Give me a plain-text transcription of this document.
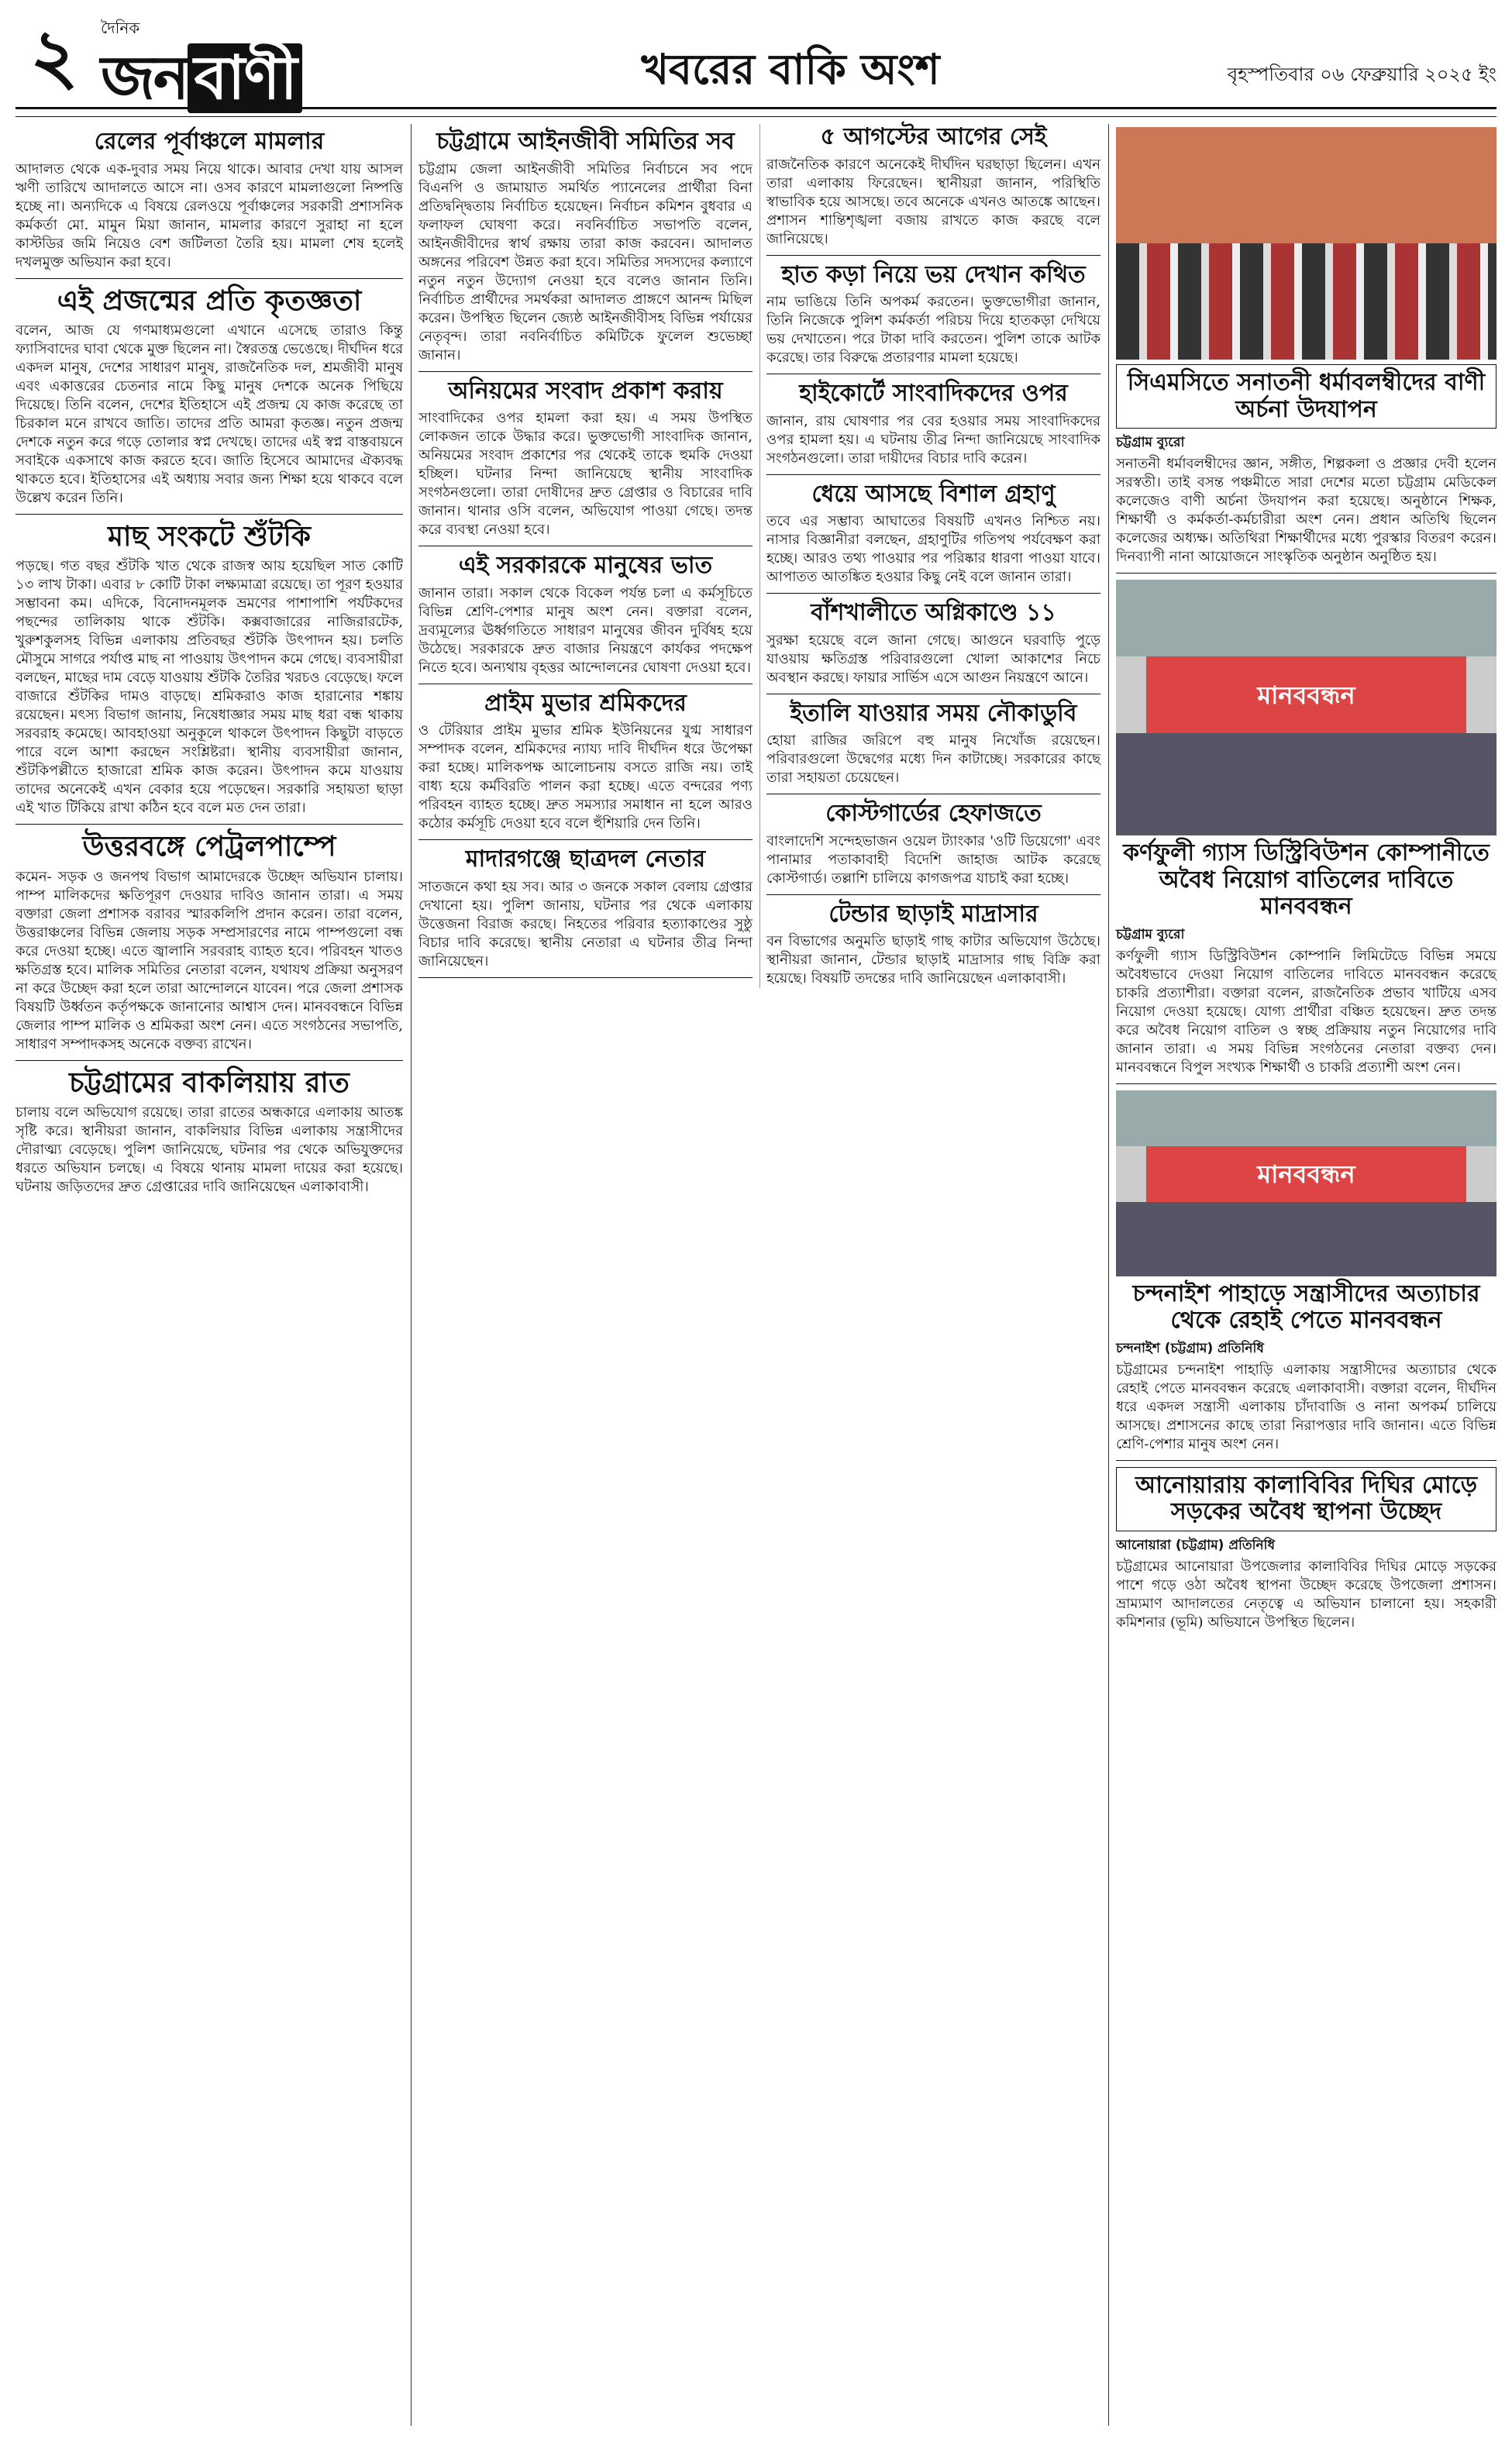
২	দৈনিক
জন বাণী	খবরের বাকি অংশ	বৃহস্পতিবার ০৬ ফেব্রুয়ারি ২০২৫ ইং
রেলের পূর্বাঞ্চলে মামলার

আদালত থেকে এক-দুবার সময় নিয়ে থাকে। আবার দেখা যায় আসল ঋণী তারিখে আদালতে আসে না। ওসব কারণে মামলাগুলো নিষ্পত্তি হচ্ছে না। অন্যদিকে এ বিষয়ে রেলওয়ে পূর্বাঞ্চলের সরকারী প্রশাসনিক কর্মকর্তা মো. মামুন মিয়া জানান, মামলার কারণে সুরাহা না হলে কাস্টডির জমি নিয়েও বেশ জটিলতা তৈরি হয়। মামলা শেষ হলেই দখলমুক্ত অভিযান করা হবে।

এই প্রজন্মের প্রতি কৃতজ্ঞতা

বলেন, আজ যে গণমাধ্যমগুলো এখানে এসেছে তারাও কিন্তু ফ্যাসিবাদের ঘাবা থেকে মুক্ত ছিলেন না। স্বৈরতন্ত্র ভেঙেছে। দীর্ঘদিন ধরে একদল মানুষ, দেশের সাধারণ মানুষ, রাজনৈতিক দল, শ্রমজীবী মানুষ এবং একাত্তরের চেতনার নামে কিছু মানুষ দেশকে অনেক পিছিয়ে দিয়েছে। তিনি বলেন, দেশের ইতিহাসে এই প্রজন্ম যে কাজ করেছে তা চিরকাল মনে রাখবে জাতি। তাদের প্রতি আমরা কৃতজ্ঞ। নতুন প্রজন্ম দেশকে নতুন করে গড়ে তোলার স্বপ্ন দেখছে। তাদের এই স্বপ্ন বাস্তবায়নে সবাইকে একসাথে কাজ করতে হবে। জাতি হিসেবে আমাদের ঐক্যবদ্ধ থাকতে হবে। ইতিহাসের এই অধ্যায় সবার জন্য শিক্ষা হয়ে থাকবে বলে উল্লেখ করেন তিনি।

মাছ সংকটে শুঁটকি

পড়ছে। গত বছর শুঁটকি খাত থেকে রাজস্ব আয় হয়েছিল সাত কোটি ১৩ লাখ টাকা। এবার ৮ কোটি টাকা লক্ষ্যমাত্রা রয়েছে। তা পূরণ হওয়ার সম্ভাবনা কম। এদিকে, বিনোদনমূলক ভ্রমণের পাশাপাশি পর্যটকদের পছন্দের তালিকায় থাকে শুঁটকি। কক্সবাজারের নাজিরারটেক, খুরুশকুলসহ বিভিন্ন এলাকায় প্রতিবছর শুঁটকি উৎপাদন হয়। চলতি মৌসুমে সাগরে পর্যাপ্ত মাছ না পাওয়ায় উৎপাদন কমে গেছে। ব্যবসায়ীরা বলছেন, মাছের দাম বেড়ে যাওয়ায় শুঁটকি তৈরির খরচও বেড়েছে। ফলে বাজারে শুঁটকির দামও বাড়ছে। শ্রমিকরাও কাজ হারানোর শঙ্কায় রয়েছেন। মৎস্য বিভাগ জানায়, নিষেধাজ্ঞার সময় মাছ ধরা বন্ধ থাকায় সরবরাহ কমেছে। আবহাওয়া অনুকূলে থাকলে উৎপাদন কিছুটা বাড়তে পারে বলে আশা করছেন সংশ্লিষ্টরা। স্থানীয় ব্যবসায়ীরা জানান, শুঁটকিপল্লীতে হাজারো শ্রমিক কাজ করেন। উৎপাদন কমে যাওয়ায় তাদের অনেকেই এখন বেকার হয়ে পড়েছেন। সরকারি সহায়তা ছাড়া এই খাত টিকিয়ে রাখা কঠিন হবে বলে মত দেন তারা।

উত্তরবঙ্গে পেট্রলপাম্পে

কমেন- সড়ক ও জনপথ বিভাগ আমাদেরকে উচ্ছেদ অভিযান চালায়। পাম্প মালিকদের ক্ষতিপূরণ দেওয়ার দাবিও জানান তারা। এ সময় বক্তারা জেলা প্রশাসক বরাবর স্মারকলিপি প্রদান করেন। তারা বলেন, উত্তরাঞ্চলের বিভিন্ন জেলায় সড়ক সম্প্রসারণের নামে পাম্পগুলো বন্ধ করে দেওয়া হচ্ছে। এতে জ্বালানি সরবরাহ ব্যাহত হবে। পরিবহন খাতও ক্ষতিগ্রস্ত হবে। মালিক সমিতির নেতারা বলেন, যথাযথ প্রক্রিয়া অনুসরণ না করে উচ্ছেদ করা হলে তারা আন্দোলনে যাবেন। পরে জেলা প্রশাসক বিষয়টি উর্ধ্বতন কর্তৃপক্ষকে জানানোর আশ্বাস দেন। মানববন্ধনে বিভিন্ন জেলার পাম্প মালিক ও শ্রমিকরা অংশ নেন। এতে সংগঠনের সভাপতি, সাধারণ সম্পাদকসহ অনেকে বক্তব্য রাখেন।

চট্টগ্রামের বাকলিয়ায় রাত

চালায় বলে অভিযোগ রয়েছে। তারা রাতের অন্ধকারে এলাকায় আতঙ্ক সৃষ্টি করে। স্থানীয়রা জানান, বাকলিয়ার বিভিন্ন এলাকায় সন্ত্রাসীদের দৌরাত্ম্য বেড়েছে। পুলিশ জানিয়েছে, ঘটনার পর থেকে অভিযুক্তদের ধরতে অভিযান চলছে। এ বিষয়ে থানায় মামলা দায়ের করা হয়েছে। ঘটনায় জড়িতদের দ্রুত গ্রেপ্তারের দাবি জানিয়েছেন এলাকাবাসী।

চট্টগ্রামে আইনজীবী সমিতির সব

চট্টগ্রাম জেলা আইনজীবী সমিতির নির্বাচনে সব পদে বিএনপি ও জামায়াত সমর্থিত প্যানেলের প্রার্থীরা বিনা প্রতিদ্বন্দ্বিতায় নির্বাচিত হয়েছেন। নির্বাচন কমিশন বুধবার এ ফলাফল ঘোষণা করে। নবনির্বাচিত সভাপতি বলেন, আইনজীবীদের স্বার্থ রক্ষায় তারা কাজ করবেন। আদালত অঙ্গনের পরিবেশ উন্নত করা হবে। সমিতির সদস্যদের কল্যাণে নতুন নতুন উদ্যোগ নেওয়া হবে বলেও জানান তিনি। নির্বাচিত প্রার্থীদের সমর্থকরা আদালত প্রাঙ্গণে আনন্দ মিছিল করেন। উপস্থিত ছিলেন জ্যেষ্ঠ আইনজীবীসহ বিভিন্ন পর্যায়ের নেতৃবৃন্দ। তারা নবনির্বাচিত কমিটিকে ফুলেল শুভেচ্ছা জানান।

অনিয়মের সংবাদ প্রকাশ করায়

সাংবাদিকের ওপর হামলা করা হয়। এ সময় উপস্থিত লোকজন তাকে উদ্ধার করে। ভুক্তভোগী সাংবাদিক জানান, অনিয়মের সংবাদ প্রকাশের পর থেকেই তাকে হুমকি দেওয়া হচ্ছিল। ঘটনার নিন্দা জানিয়েছে স্থানীয় সাংবাদিক সংগঠনগুলো। তারা দোষীদের দ্রুত গ্রেপ্তার ও বিচারের দাবি জানান। থানার ওসি বলেন, অভিযোগ পাওয়া গেছে। তদন্ত করে ব্যবস্থা নেওয়া হবে।

এই সরকারকে মানুষের ভাত

জানান তারা। সকাল থেকে বিকেল পর্যন্ত চলা এ কর্মসূচিতে বিভিন্ন শ্রেণি-পেশার মানুষ অংশ নেন। বক্তারা বলেন, দ্রব্যমূল্যের ঊর্ধ্বগতিতে সাধারণ মানুষের জীবন দুর্বিষহ হয়ে উঠেছে। সরকারকে দ্রুত বাজার নিয়ন্ত্রণে কার্যকর পদক্ষেপ নিতে হবে। অন্যথায় বৃহত্তর আন্দোলনের ঘোষণা দেওয়া হবে।

প্রাইম মুভার শ্রমিকদের

ও টেরিয়ার প্রাইম মুভার শ্রমিক ইউনিয়নের যুগ্ম সাধারণ সম্পাদক বলেন, শ্রমিকদের ন্যায্য দাবি দীর্ঘদিন ধরে উপেক্ষা করা হচ্ছে। মালিকপক্ষ আলোচনায় বসতে রাজি নয়। তাই বাধ্য হয়ে কর্মবিরতি পালন করা হচ্ছে। এতে বন্দরের পণ্য পরিবহন ব্যাহত হচ্ছে। দ্রুত সমস্যার সমাধান না হলে আরও কঠোর কর্মসূচি দেওয়া হবে বলে হুঁশিয়ারি দেন তিনি।

মাদারগঞ্জে ছাত্রদল নেতার

সাতজনে কথা হয় সব। আর ৩ জনকে সকাল বেলায় গ্রেপ্তার দেখানো হয়। পুলিশ জানায়, ঘটনার পর থেকে এলাকায় উত্তেজনা বিরাজ করছে। নিহতের পরিবার হত্যাকাণ্ডের সুষ্ঠু বিচার দাবি করেছে। স্থানীয় নেতারা এ ঘটনার তীব্র নিন্দা জানিয়েছেন।

৫ আগস্টের আগের সেই

রাজনৈতিক কারণে অনেকেই দীর্ঘদিন ঘরছাড়া ছিলেন। এখন তারা এলাকায় ফিরেছেন। স্থানীয়রা জানান, পরিস্থিতি স্বাভাবিক হয়ে আসছে। তবে অনেকে এখনও আতঙ্কে আছেন। প্রশাসন শান্তিশৃঙ্খলা বজায় রাখতে কাজ করছে বলে জানিয়েছে।

হাত কড়া নিয়ে ভয় দেখান কথিত

নাম ভাঙিয়ে তিনি অপকর্ম করতেন। ভুক্তভোগীরা জানান, তিনি নিজেকে পুলিশ কর্মকর্তা পরিচয় দিয়ে হাতকড়া দেখিয়ে ভয় দেখাতেন। পরে টাকা দাবি করতেন। পুলিশ তাকে আটক করেছে। তার বিরুদ্ধে প্রতারণার মামলা হয়েছে।

হাইকোর্টে সাংবাদিকদের ওপর

জানান, রায় ঘোষণার পর বের হওয়ার সময় সাংবাদিকদের ওপর হামলা হয়। এ ঘটনায় তীব্র নিন্দা জানিয়েছে সাংবাদিক সংগঠনগুলো। তারা দায়ীদের বিচার দাবি করেন।

ধেয়ে আসছে বিশাল গ্রহাণু

তবে এর সম্ভাব্য আঘাতের বিষয়টি এখনও নিশ্চিত নয়। নাসার বিজ্ঞানীরা বলছেন, গ্রহাণুটির গতিপথ পর্যবেক্ষণ করা হচ্ছে। আরও তথ্য পাওয়ার পর পরিষ্কার ধারণা পাওয়া যাবে। আপাতত আতঙ্কিত হওয়ার কিছু নেই বলে জানান তারা।

বাঁশখালীতে অগ্নিকাণ্ডে ১১

সুরক্ষা হয়েছে বলে জানা গেছে। আগুনে ঘরবাড়ি পুড়ে যাওয়ায় ক্ষতিগ্রস্ত পরিবারগুলো খোলা আকাশের নিচে অবস্থান করছে। ফায়ার সার্ভিস এসে আগুন নিয়ন্ত্রণে আনে।

ইতালি যাওয়ার সময় নৌকাডুবি

হোয়া রাজির জরিপে বহু মানুষ নিখোঁজ রয়েছেন। পরিবারগুলো উদ্বেগের মধ্যে দিন কাটাচ্ছে। সরকারের কাছে তারা সহায়তা চেয়েছেন।

কোস্টগার্ডের হেফাজতে

বাংলাদেশি সন্দেহভাজন ওয়েল ট্যাংকার 'ওটি ডিয়েগো' এবং পানামার পতাকাবাহী বিদেশি জাহাজ আটক করেছে কোস্টগার্ড। তল্লাশি চালিয়ে কাগজপত্র যাচাই করা হচ্ছে।

টেন্ডার ছাড়াই মাদ্রাসার

বন বিভাগের অনুমতি ছাড়াই গাছ কাটার অভিযোগ উঠেছে। স্থানীয়রা জানান, টেন্ডার ছাড়াই মাদ্রাসার গাছ বিক্রি করা হয়েছে। বিষয়টি তদন্তের দাবি জানিয়েছেন এলাকাবাসী।

সিএমসিতে সনাতনী ধর্মাবলম্বীদের বাণী অর্চনা উদযাপন
চট্টগ্রাম ব্যুরো

সনাতনী ধর্মাবলম্বীদের জ্ঞান, সঙ্গীত, শিল্পকলা ও প্রজ্ঞার দেবী হলেন সরস্বতী। তাই বসন্ত পঞ্চমীতে সারা দেশের মতো চট্টগ্রাম মেডিকেল কলেজেও বাণী অর্চনা উদযাপন করা হয়েছে। অনুষ্ঠানে শিক্ষক, শিক্ষার্থী ও কর্মকর্তা-কর্মচারীরা অংশ নেন। প্রধান অতিথি ছিলেন কলেজের অধ্যক্ষ। অতিথিরা শিক্ষার্থীদের মধ্যে পুরস্কার বিতরণ করেন। দিনব্যাপী নানা আয়োজনে সাংস্কৃতিক অনুষ্ঠান অনুষ্ঠিত হয়।

মানববন্ধন
কর্ণফুলী গ্যাস ডিস্ট্রিবিউশন কোম্পানীতে অবৈধ নিয়োগ বাতিলের দাবিতে মানববন্ধন
চট্টগ্রাম ব্যুরো

কর্ণফুলী গ্যাস ডিস্ট্রিবিউশন কোম্পানি লিমিটেডে বিভিন্ন সময়ে অবৈধভাবে দেওয়া নিয়োগ বাতিলের দাবিতে মানববন্ধন করেছে চাকরি প্রত্যাশীরা। বক্তারা বলেন, রাজনৈতিক প্রভাব খাটিয়ে এসব নিয়োগ দেওয়া হয়েছে। যোগ্য প্রার্থীরা বঞ্চিত হয়েছেন। দ্রুত তদন্ত করে অবৈধ নিয়োগ বাতিল ও স্বচ্ছ প্রক্রিয়ায় নতুন নিয়োগের দাবি জানান তারা। এ সময় বিভিন্ন সংগঠনের নেতারা বক্তব্য দেন। মানববন্ধনে বিপুল সংখ্যক শিক্ষার্থী ও চাকরি প্রত্যাশী অংশ নেন।

মানববন্ধন
চন্দনাইশ পাহাড়ে সন্ত্রাসীদের অত্যাচার থেকে রেহাই পেতে মানববন্ধন
চন্দনাইশ (চট্টগ্রাম) প্রতিনিধি

চট্টগ্রামের চন্দনাইশ পাহাড়ি এলাকায় সন্ত্রাসীদের অত্যাচার থেকে রেহাই পেতে মানববন্ধন করেছে এলাকাবাসী। বক্তারা বলেন, দীর্ঘদিন ধরে একদল সন্ত্রাসী এলাকায় চাঁদাবাজি ও নানা অপকর্ম চালিয়ে আসছে। প্রশাসনের কাছে তারা নিরাপত্তার দাবি জানান। এতে বিভিন্ন শ্রেণি-পেশার মানুষ অংশ নেন।

আনোয়ারায় কালাবিবির দিঘির মোড়ে সড়কের অবৈধ স্থাপনা উচ্ছেদ
আনোয়ারা (চট্টগ্রাম) প্রতিনিধি

চট্টগ্রামের আনোয়ারা উপজেলার কালাবিবির দিঘির মোড়ে সড়কের পাশে গড়ে ওঠা অবৈধ স্থাপনা উচ্ছেদ করেছে উপজেলা প্রশাসন। ভ্রাম্যমাণ আদালতের নেতৃত্বে এ অভিযান চালানো হয়। সহকারী কমিশনার (ভূমি) অভিযানে উপস্থিত ছিলেন।
